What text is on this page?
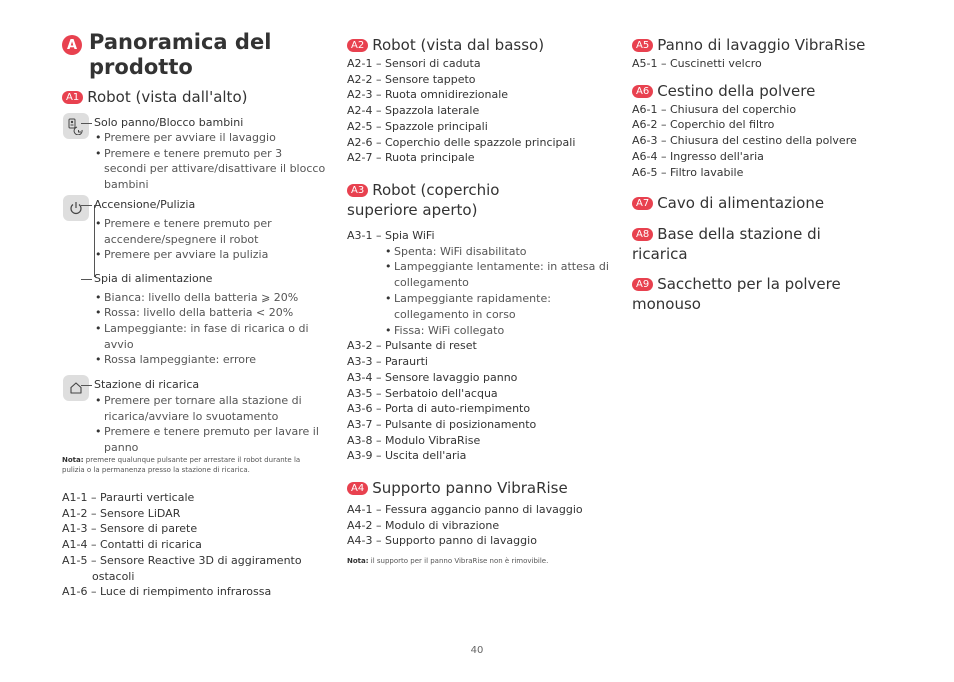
A Panoramica del prodotto
A1 Robot (vista dall'alto)
Solo panno/Blocco bambini
• Premere per avviare il lavaggio
• Premere e tenere premuto per 3 secondi per attivare/disattivare il blocco bambini
Accensione/Pulizia
• Premere e tenere premuto per accendere/spegnere il robot
• Premere per avviare la pulizia
Spia di alimentazione
• Bianca: livello della batteria ⩾ 20%
• Rossa: livello della batteria < 20%
• Lampeggiante: in fase di ricarica o di avvio
• Rossa lampeggiante: errore
Stazione di ricarica
• Premere per tornare alla stazione di ricarica/avviare lo svuotamento
• Premere e tenere premuto per lavare il panno
Nota: premere qualunque pulsante per arrestare il robot durante la pulizia o la permanenza presso la stazione di ricarica.
A1-1 – Paraurti verticale
A1-2 – Sensore LiDAR
A1-3 – Sensore di parete
A1-4 – Contatti di ricarica
A1-5 – Sensore Reactive 3D di aggiramento ostacoli
A1-6 – Luce di riempimento infrarossa
A2 Robot (vista dal basso)
A2-1 – Sensori di caduta
A2-2 – Sensore tappeto
A2-3 – Ruota omnidirezionale
A2-4 – Spazzola laterale
A2-5 – Spazzole principali
A2-6 – Coperchio delle spazzole principali
A2-7 – Ruota principale
A3 Robot (coperchio superiore aperto)
A3-1 – Spia WiFi
• Spenta: WiFi disabilitato
• Lampeggiante lentamente: in attesa di collegamento
• Lampeggiante rapidamente: collegamento in corso
• Fissa: WiFi collegato
A3-2 – Pulsante di reset
A3-3 – Paraurti
A3-4 – Sensore lavaggio panno
A3-5 – Serbatoio dell'acqua
A3-6 – Porta di auto-riempimento
A3-7 – Pulsante di posizionamento
A3-8 – Modulo VibraRise
A3-9 – Uscita dell'aria
A4 Supporto panno VibraRise
A4-1 – Fessura aggancio panno di lavaggio
A4-2 – Modulo di vibrazione
A4-3 – Supporto panno di lavaggio
Nota: il supporto per il panno VibraRise non è rimovibile.
A5 Panno di lavaggio VibraRise
A5-1 – Cuscinetti velcro
A6 Cestino della polvere
A6-1 – Chiusura del coperchio
A6-2 – Coperchio del filtro
A6-3 – Chiusura del cestino della polvere
A6-4 – Ingresso dell'aria
A6-5 – Filtro lavabile
A7 Cavo di alimentazione
A8 Base della stazione di ricarica
A9 Sacchetto per la polvere monouso
40
